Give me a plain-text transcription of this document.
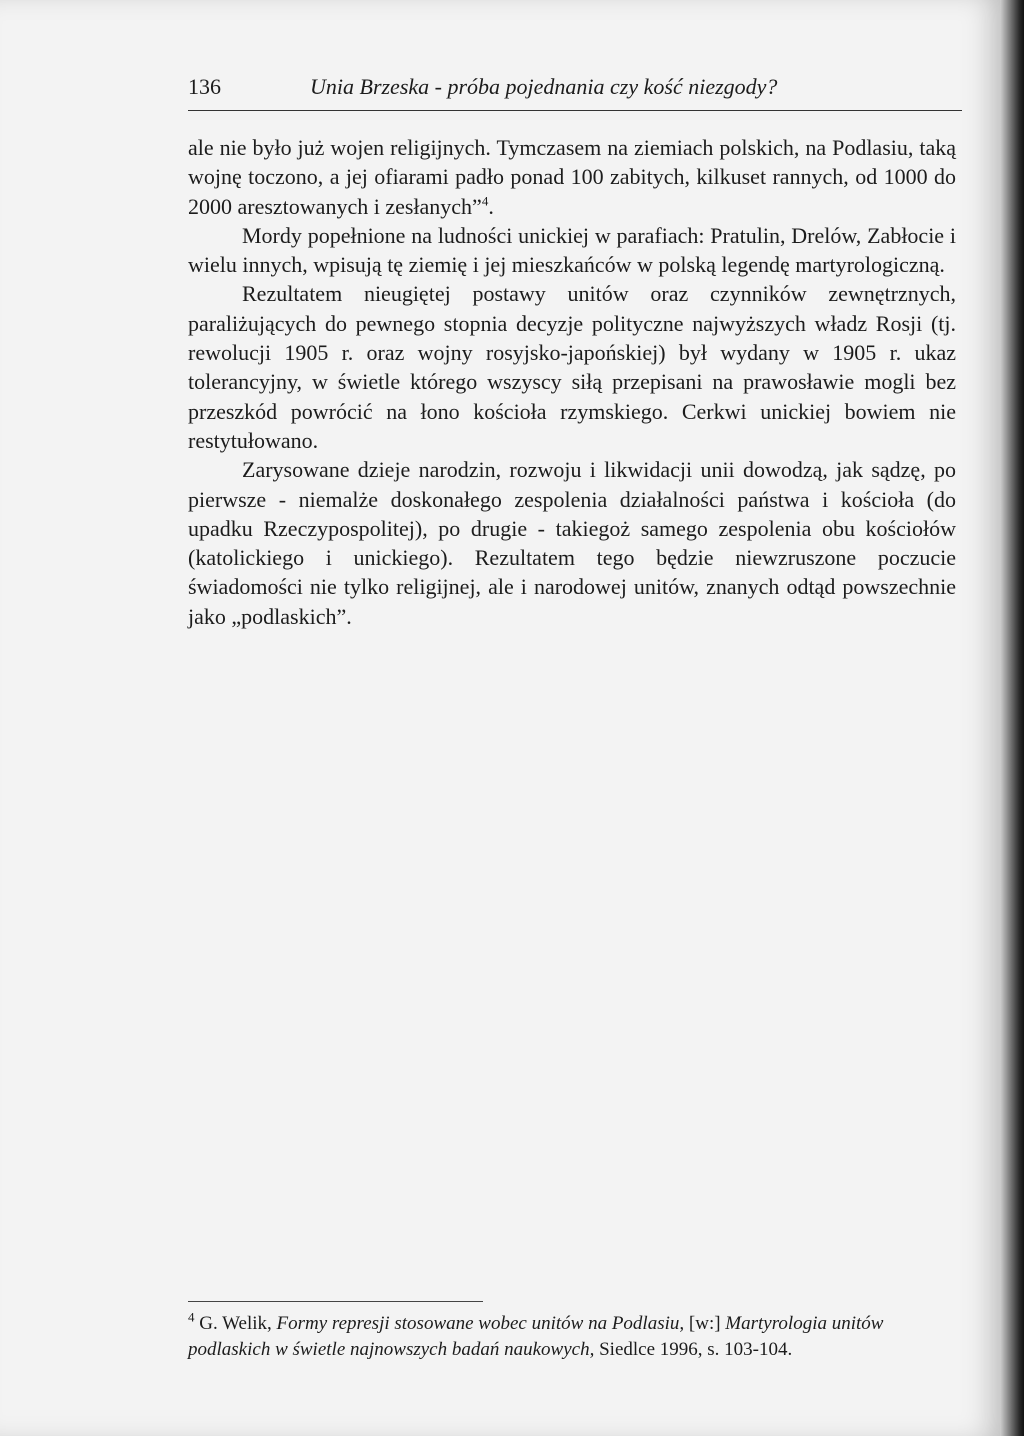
136	Unia Brzeska - próba pojednania czy kość niezgody?

ale nie było już wojen religijnych. Tymczasem na ziemiach polskich, na Podlasiu, taką wojnę toczono, a jej ofiarami padło ponad 100 zabitych, kilkuset rannych, od 1000 do 2000 aresztowanych i zesłanych”$^4$.

Mordy popełnione na ludności unickiej w parafiach: Pratulin, Drelów, Zabłocie i wielu innych, wpisują tę ziemię i jej mieszkańców w polską legendę martyrologiczną.

Rezultatem nieugiętej postawy unitów oraz czynników zewnętrznych, paraliżujących do pewnego stopnia decyzje polityczne najwyższych władz Rosji (tj. rewolucji 1905 r. oraz wojny rosyjsko-japońskiej) był wydany w 1905 r. ukaz tolerancyjny, w świetle którego wszyscy siłą przepisani na prawosławie mogli bez przeszkód powrócić na łono kościoła rzymskiego. Cerkwi unickiej bowiem nie restytułowano.

Zarysowane dzieje narodzin, rozwoju i likwidacji unii dowodzą, jak sądzę, po pierwsze - niemalże doskonałego zespolenia działalności państwa i kościoła (do upadku Rzeczypospolitej), po drugie - takiegoż samego zespolenia obu kościołów (katolickiego i unickiego). Rezultatem tego będzie niewzruszone poczucie świadomości nie tylko religijnej, ale i narodowej unitów, znanych odtąd powszechnie jako „podlaskich”.

$^4$ G. Welik, Formy represji stosowane wobec unitów na Podlasiu, [w:] Martyrologia unitów podlaskich w świetle najnowszych badań naukowych, Siedlce 1996, s. 103-104.
